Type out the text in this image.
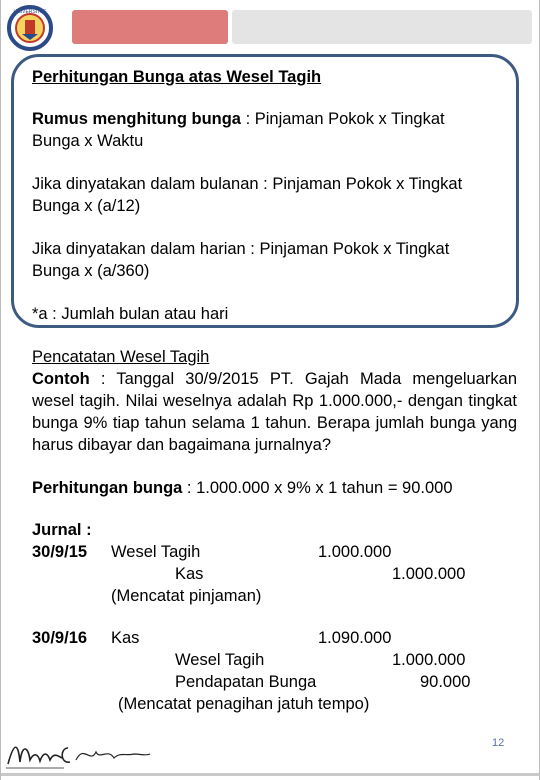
UNIVERSITAS
Perhitungan Bunga atas Wesel Tagih
Rumus menghitung bunga : Pinjaman Pokok x Tingkat
Bunga x Waktu
Jika dinyatakan dalam bulanan : Pinjaman Pokok x Tingkat
Bunga x (a/12)
Jika dinyatakan dalam harian : Pinjaman Pokok x Tingkat
Bunga x (a/360)
*a : Jumlah bulan atau hari
Pencatatan Wesel Tagih
Contoh : Tanggal 30/9/2015 PT. Gajah Mada mengeluarkan wesel tagih. Nilai weselnya adalah Rp 1.000.000,- dengan tingkat bunga 9% tiap tahun selama 1 tahun. Berapa jumlah bunga yang harus dibayar dan bagaimana jurnalnya?
Perhitungan bunga : 1.000.000 x 9% x 1 tahun = 90.000
Jurnal :
30/9/15 Wesel Tagih	1.000.000
Kas	1.000.000
(Mencatat pinjaman)
30/9/16 Kas	1.090.000
Wesel Tagih	1.000.000
Pendapatan Bunga	90.000
(Mencatat penagihan jatuh tempo)
12
